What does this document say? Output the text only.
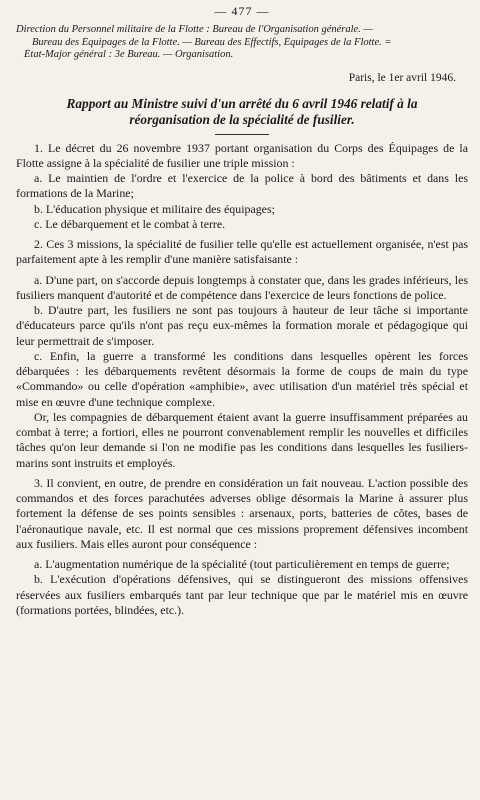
— 477 —
Direction du Personnel militaire de la Flotte : Bureau de l'Organisation générale. —
Bureau des Équipages de la Flotte. — Bureau des Effectifs, Équipages de la Flotte. =
État-Major général : 3e Bureau. — Organisation.
Paris, le 1er avril 1946.
Rapport au Ministre suivi d'un arrêté du 6 avril 1946 relatif à la
réorganisation de la spécialité de fusilier.

1. Le décret du 26 novembre 1937 portant organisation du Corps des Équipages de la Flotte assigne à la spécialité de fusilier une triple mission :

a. Le maintien de l'ordre et l'exercice de la police à bord des bâtiments et dans les formations de la Marine;

b. L'éducation physique et militaire des équipages;

c. Le débarquement et le combat à terre.

2. Ces 3 missions, la spécialité de fusilier telle qu'elle est actuellement organisée, n'est pas parfaitement apte à les remplir d'une manière satisfaisante :

a. D'une part, on s'accorde depuis longtemps à constater que, dans les grades inférieurs, les fusiliers manquent d'autorité et de compétence dans l'exercice de leurs fonctions de police.

b. D'autre part, les fusiliers ne sont pas toujours à hauteur de leur tâche si importante d'éducateurs parce qu'ils n'ont pas reçu eux-mêmes la formation morale et pédagogique qui leur permettrait de s'imposer.

c. Enfin, la guerre a transformé les conditions dans lesquelles opèrent les forces débarquées : les débarquements revêtent désormais la forme de coups de main du type «Commando» ou celle d'opération «amphibie», avec utilisation d'un matériel très spécial et mise en œuvre d'une technique complexe.

Or, les compagnies de débarquement étaient avant la guerre insuffisamment préparées au combat à terre; a fortiori, elles ne pourront convenablement remplir les nouvelles et difficiles tâches qu'on leur demande si l'on ne modifie pas les conditions dans lesquelles les fusiliers-marins sont instruits et employés.

3. Il convient, en outre, de prendre en considération un fait nouveau. L'action possible des commandos et des forces parachutées adverses oblige désormais la Marine à assurer plus fortement la défense de ses points sensibles : arsenaux, ports, batteries de côtes, bases de l'aéronautique navale, etc. Il est normal que ces missions proprement défensives incombent aux fusiliers. Mais elles auront pour conséquence :

a. L'augmentation numérique de la spécialité (tout particulièrement en temps de guerre;

b. L'exécution d'opérations défensives, qui se distingueront des missions offensives réservées aux fusiliers embarqués tant par leur technique que par le matériel mis en œuvre (formations portées, blindées, etc.).
